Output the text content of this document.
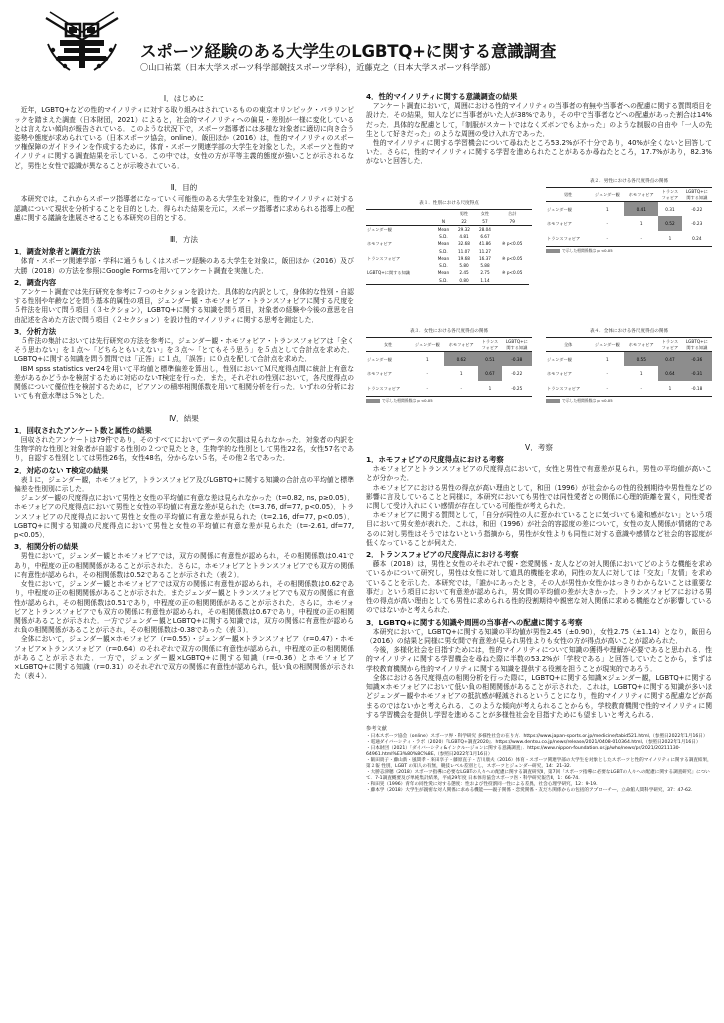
スポーツ経験のある大学生のLGBTQ+に関する意識調査
〇山口祐菜（日本大学スポーツ科学部競技スポーツ学科），近藤克之（日本大学スポーツ科学部）
Ⅰ．はじめに

近年，LGBTQ+などの性的マイノリティに対する取り組みはされているものの東京オリンピック・パラリンピックを踏まえた調査（日本財団，2021）によると，社会的マイノリティへの偏見・差別が一様に変化しているとは言えない傾向が報告されている．このような状況下で，スポーツ指導者には多様な対象者に適切に向き合う姿勢や態度が求められている（日本スポーツ協会，online）．飯田ほか（2016）は，性的マイノリティのスポーツ権保障のガイドラインを作成するために，体育・スポーツ関連学部の大学生を対象とした，スポーツと性的マイノリティに関する調査結果を示している．この中では，女性の方が平等主義的態度が強いことが示されるなど，男性と女性で認識が異なることが示唆されている．

Ⅱ．目的

本研究では，これからスポーツ指導者になっていく可能性のある大学生を対象に，性的マイノリティに対する認識について現状を分析することを目的とした．得られた結果を元に，スポーツ指導者に求められる指導上の配慮に関する議論を進展させることも本研究の目的とする．

Ⅲ．方法
1．調査対象者と調査方法

体育・スポーツ関連学部・学科に通うもしくはスポーツ経験のある大学生を対象に，飯田ほか（2016）及び大勝（2018）の方法を参照にGoogle Formsを用いてアンケート調査を実施した．

2．調査内容

アンケート調査では先行研究を参考に７つのセクションを設けた．具体的な内訳として，身体的な性別・自認する性別や年齢などを問う基本的属性の項目，ジェンダー観・ホモフォビア・トランスフォビアに関する尺度を５件法を用いて問う項目（３セクション），LGBTQ+に関する知識を問う項目，対象者の経験や今後の意思を自由記述を含めた方法で問う項目（２セクション）を設け性的マイノリティに関する思考を測定した．

3．分析方法

５件法の集計においては先行研究の方法を参考に，ジェンダー観・ホモフォビア・トランスフォビアは「全くそう思わない」を１点～「どちらともいえない」を３点～「とてもそう思う」を５点として合計点を求めた．LGBTQ+に関する知識を問う質問では「正答」に１点，「誤答」に０点を配して合計点を求めた．

IBM spss statistics ver24を用いて平均値と標準偏差を算出し，性別においてＭ尺度得点間に統計上有意な差があるかどうかを検討するために対応のないT検定を行った．また，それぞれの性別において，各尺度得点の関係について優位性を検討するために，ピアソンの積率相関係数を用いて相関分析を行った．いずれの分析においても有意水準は５%とした．

Ⅳ．結果
1．回収されたアンケート数と属性の結果

回収されたアンケートは79件であり，そのすべてにおいてデータの欠損は見られなかった．対象者の内訳を生物学的な性別と対象者が自認する性別の２つで見たとき，生物学的な性別として男性22名，女性57名であり，自認する性別としては男性26名，女性48名，分からない５名，その他２名であった．

2．対応のない T検定の結果

表１に，ジェンダー観，ホモフォビア，トランスフォビア及びLGBTQ+に関する知識の合計点の平均値と標準偏差を性別別に示した．

ジェンダー観の尺度得点において男性と女性の平均値に有意な差は見られなかった（t=0.82, ns, p≥0.05）．ホモフォビアの尺度得点において男性と女性の平均値に有意な差が見られた（t=3.76, df=77, p<0.05）．トランスフォビアの尺度得点において男性と女性の平均値に有意な差が見られた（t=2.16, df=77, p<0.05）．LGBTQ+に関する知識の尺度得点において男性と女性の平均値に有意な差が見られた（t=-2.61, df=77, p<0.05）．

3．相関分析の結果

男性において，ジェンダー観とホモフォビアでは，双方の関係に有意性が認められ，その相関係数は0.41であり，中程度の正の相関関係があることが示された．さらに，ホモフォビアとトランスフォビアでも双方の関係に有意性が認められ，その相関係数は0.52であることが示された（表２）．

女性において，ジェンダー観とホモフォビアでは双方の関係に有意性が認められ，その相関係数は0.62であり，中程度の正の相関関係があることが示された．またジェンダー観とトランスフォビアでも双方の関係に有意性が認められ，その相関係数は0.51であり，中程度の正の相関関係があることが示された．さらに，ホモフォビアとトランスフォビアでも双方の関係に有意性が認められ，その相関係数は0.67であり，中程度の正の相関関係があることが示された．一方でジェンダー観とLGBTQ+に関する知識では，双方の関係に有意性が認められ負の相関関係があることが示され，その相関係数は-0.38であった（表３）．

全体において，ジェンダー観×ホモフォビア（r=0.55）・ジェンダー観×トランスフォビア（r=0.47）・ホモフォビア×トランスフォビア（r=0.64）のそれぞれで双方の関係に有意性が認められ，中程度の正の相関関係があることが示された．一方で，ジェンダー観×LGBTQ+に関する知識（r=-0.36）とホモフォビア×LGBTQ+に関する知識（r=0.31）のそれぞれで双方の関係に有意性が認められ，低い負の相関関係が示された（表４）．

4．性的マイノリティに関する意識調査の結果

アンケート調査において，周囲における性的マイノリティの当事者の有無や当事者への配慮に関する質問項目を設けた．その結果，知人などに当事者がいた人が38%であり，その中で当事者などへの配慮があった割合は14%だった．具体的な配慮として，「制服がスカートではなくズボンでもよかった」のような制服の自由や「一人の先生として好きだった」のような周囲の受け入れ方であった．

性的マイノリティに関する学習機会について尋ねたところ53.2%が不十分であり，40%が全くないと回答していた．さらに，性的マイノリティに関する学習を進められたことがあるか尋ねたところ，17.7%があり，82.3%がないと回答した．

表１．性別における尺度得点
		男性	女性	合計	
	N	22	57	79	
ジェンダー観	Mean	29.32	28.04		
	S.D.	4.81	6.67		
ホモフォビア	Mean	32.68	41.86	※ p<0.05	
	S.D.	11.07	11.27		
トランスフォビア	Mean	19.68	16.37	※ p<0.05	
	S.D.	5.80	5.88		
LGBTQ+に関する知識	Mean	2.45	2.75	※ p<0.05	
	S.D.	0.80	1.14		
表２．男性における各尺度得点の関係
男性	ジェンダー観	ホモフォビア	トランス
フォビア	LGBTQ+に
関する知識
ジェンダー観	1	0.41	0.31	-0.22
ホモフォビア	-	1	0.52	-0.23
トランスフォビア	-	-	1	0.24
で示した相関係数は p <0.05
表３．女性における各尺度得点の関係
女性	ジェンダー観	ホモフォビア	トランス
フォビア	LGBTQ+に
関する知識
ジェンダー観	1	0.62	0.51	-0.38
ホモフォビア	-	1	0.67	-0.22
トランスフォビア	-	-	1	-0.25
で示した相関係数は p <0.05
表４．全体における各尺度得点の関係
全体	ジェンダー観	ホモフォビア	トランス
フォビア	LGBTQ+に
関する知識
ジェンダー観	1	0.55	0.47	-0.36
ホモフォビア	-	1	0.64	-0.31
トランスフォビア	-	-	1	-0.18
で示した相関係数は p <0.05
Ⅴ．考察
1．ホモフォビアの尺度得点における考察

ホモフォビアとトランスフォビアの尺度得点において，女性と男性で有意差が見られ，男性の平均値が高いことが分かった．

ホモフォビアにおける男性の得点が高い理由として，和田（1996）が社会からの性的役割期待や男性性などの影響に言及していることと同様に，本研究においても男性では同性愛者との関係に心理的距離を置く，同性愛者に関して受け入れにくい感情が存在している可能性が考えられた．

ホモフォビアに関する質問として，「自分が同性の人に惹かれていることに気づいても違和感がない」という項目において男女差が表れた．これは，和田（1996）が社会的容認度の差について，女性の友人関係が情緒的であるのに対し男性はそうではないという指摘から，男性が女性よりも同性に対する意識や感情など社会的容認度が低くなっていることが伺えた．

2．トランスフォビアの尺度得点における考察

藤本（2018）は，男性と女性のそれぞれで親・恋愛関係・友人などの対人関係においてどのような機能を求めているかについて研究し，男性は女性に対して道具的機能を求め，同性の友人に対しては「交友」「友情」を求めていることを示した．本研究では，「誰かにあったとき，その人が男性か女性かはっきりわからないことは重要な事だ」という項目において有意差が認められ，男女間の平均値の差が大きかった．トランスフォビアにおける男性の得点が高い理由としても男性に求められる性的役割期待や親密な対人関係に求める機能などが影響しているのではないかと考えられた．

3．LGBTQ+に関する知識や周囲の当事者への配慮に関する考察

本研究において，LGBTQ+に関する知識の平均値が男性2.45（±0.90），女性2.75（±1.14）となり，飯田ら（2016）の結果と同様に男女間で有意差が見られ男性よりも女性の方が得点が高いことが認められた．

今後，多様化社会を目指すためには，性的マイノリティについて知識の獲得や理解が必要であると思われる．性的マイノリティに関する学習機会を尋ねた際に半数の53.2%が「学校である」と回答していたことから，まずは学校教育機関から性的マイノリティに関する知識を提供する役割を担うことが現実的であろう．

全体における各尺度得点の相関分析を行った際に，LGBTQ+に関する知識×ジェンダー観，LGBTQ+に関する知識×ホモフォビアにおいて低い負の相関関係があることが示された．これは，LGBTQ+に関する知識が多いほどジェンダー観やホモフォビアの抵抗感が軽減されるということになり，性的マイノリティに関する配慮などが高まるのではないかと考えられる．このような傾向が考えられることからも，学校教育機関で性的マイノリティに関する学習機会を提供し学習を進めることが多様性社会を目指すためにも望ましいと考えられる．

参考文献
・日本スポーツ協会（online）スポーツ界・科学研究 多様性社会の在り方．https://www.japan-sports.or.jp/medicine/tabid521.html,（参照日2022年1月16日）
・電通ダイバーシティ・ラボ（2020）『LGBTQ+調査2020』．https://www.dentsu.co.jp/news/release/2021/0408-010364.html,（参照日2022年1月16日）
・日本財団（2021）「ダイバーシティ&インクルージョンに関する意識調査」．https://www.nippon-foundation.or.jp/who/news/pr/2021/20211130-64961.html%E3%80%8C%8E,（参照日2022年1月16日）
・飯田貴子・藤山新・風間孝・來田享子・藤原直子・吉川康夫（2016）体育・スポーツ関連学部の大学生を対象としたスポーツと性的マイノリティに関する調査結果，第２報 性別，LGBT の知人の有無，競技レベル差別とし，スポーツとジェンダー研究，14：21-32.
・大勝志津穂（2018）スポーツ指導に必要なLGBTの人々への配慮に関する調査研究Ⅱ，第7回「スポーツ指導に必要なLGBTの人々への配慮に関する調査研究」について．7-1調査概要及び単純集計結果，平成29年度 日本体育協会スポーツ医・科学研究報告Ⅱ，1：66-74.
・和田実（1996）青年の同性愛に対する態度：性および性役割同一性による差異，社会心理学研究，12：9-19.
・藤本学（2018）大学生が親密な対人関係に求める機能――親子関係・恋愛関係・友だち関係からの包括的アプローチ―，立命館人間科学研究，37：47-62.
